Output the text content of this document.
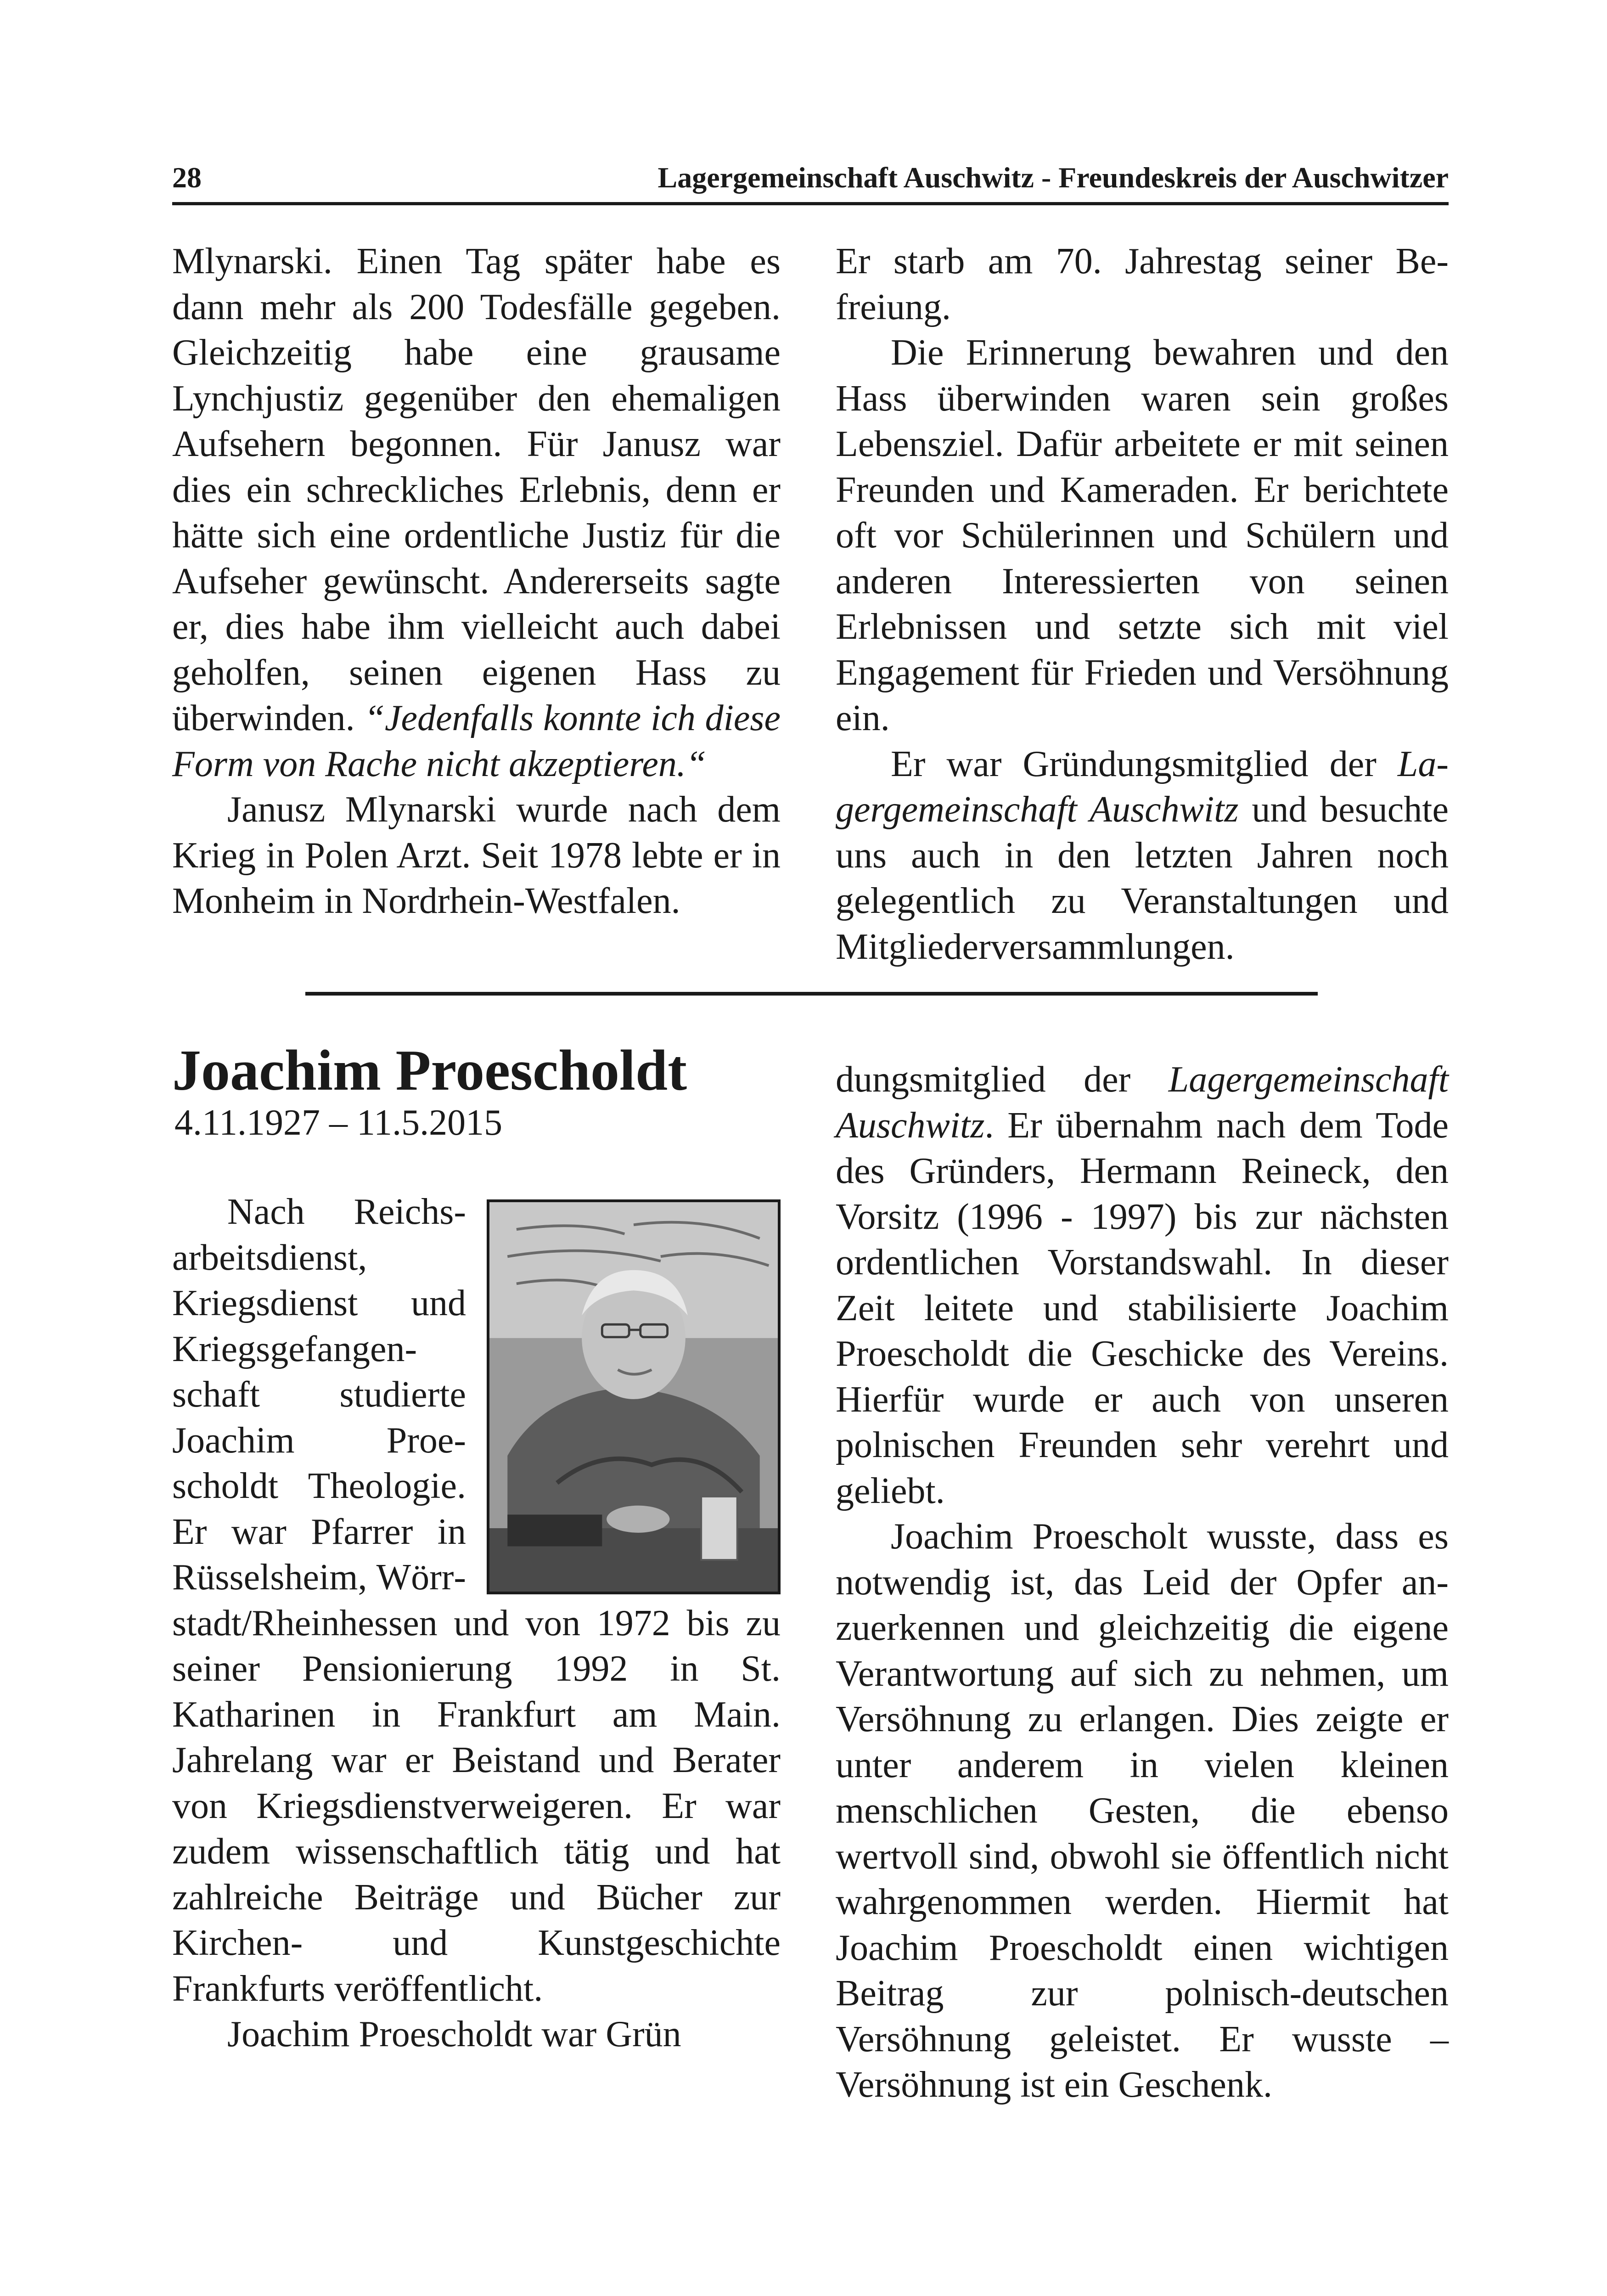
28	Lagergemeinschaft Auschwitz - Freundeskreis der Auschwitzer

Mlynarski. Einen Tag später habe es dann mehr als 200 Todesfälle gegeben. Gleichzeitig habe eine grausame Lynchjustiz gegenüber den ehemaligen Aufsehern begonnen. Für Janusz war dies ein schreckliches Erlebnis, denn er hätte sich eine ordentliche Justiz für die Aufseher gewünscht. Andererseits sagte er, dies habe ihm vielleicht auch dabei geholfen, seinen eigenen Hass zu überwinden. “Jedenfalls konnte ich diese Form von Rache nicht akzeptieren.“

Janusz Mlynarski wurde nach dem Krieg in Polen Arzt. Seit 1978 lebte er in Monheim in Nordrhein-Westfalen.

Er starb am 70. Jahrestag seiner Befreiung.

Die Erinnerung bewahren und den Hass überwinden waren sein großes Lebensziel. Dafür arbeitete er mit seinen Freunden und Kameraden. Er berichtete oft vor Schülerinnen und Schülern und anderen Interessierten von seinen Erlebnissen und setzte sich mit viel Engagement für Frieden und Versöhnung ein.

Er war Gründungsmitglied der Lagergemeinschaft Auschwitz und besuchte uns auch in den letzten Jahren noch gelegentlich zu Veranstaltungen und Mitgliederversammlungen.

Joachim Proescholdt
4.11.1927 – 11.5.2015

Nach Reichsarbeitsdienst, Kriegsdienst und Kriegsgefangenschaft studierte Joachim Proescholdt Theologie. Er war Pfarrer in Rüsselsheim, Wörrstadt/Rheinhessen und von 1972 bis zu seiner Pensionierung 1992 in St. Katharinen in Frankfurt am Main. Jahrelang war er Beistand und Berater von Kriegsdienstverweigeren. Er war zudem wissenschaftlich tätig und hat zahlreiche Beiträge und Bücher zur Kirchen- und Kunstgeschichte Frankfurts veröffentlicht.

Joachim Proescholdt war Grün

dungsmitglied der Lagergemeinschaft Auschwitz. Er übernahm nach dem Tode des Gründers, Hermann Reineck, den Vorsitz (1996 - 1997) bis zur nächsten ordentlichen Vorstandswahl. In dieser Zeit leitete und stabilisierte Joachim Proescholdt die Geschicke des Vereins. Hierfür wurde er auch von unseren polnischen Freunden sehr verehrt und geliebt.

Joachim Proescholt wusste, dass es notwendig ist, das Leid der Opfer anzuerkennen und gleichzeitig die eigene Verantwortung auf sich zu nehmen, um Versöhnung zu erlangen. Dies zeigte er unter anderem in vielen kleinen menschlichen Gesten, die ebenso wertvoll sind, obwohl sie öffentlich nicht wahrgenommen werden. Hiermit hat Joachim Proescholdt einen wichtigen Beitrag zur polnisch-deutschen Versöhnung geleistet. Er wusste – Versöhnung ist ein Geschenk.
